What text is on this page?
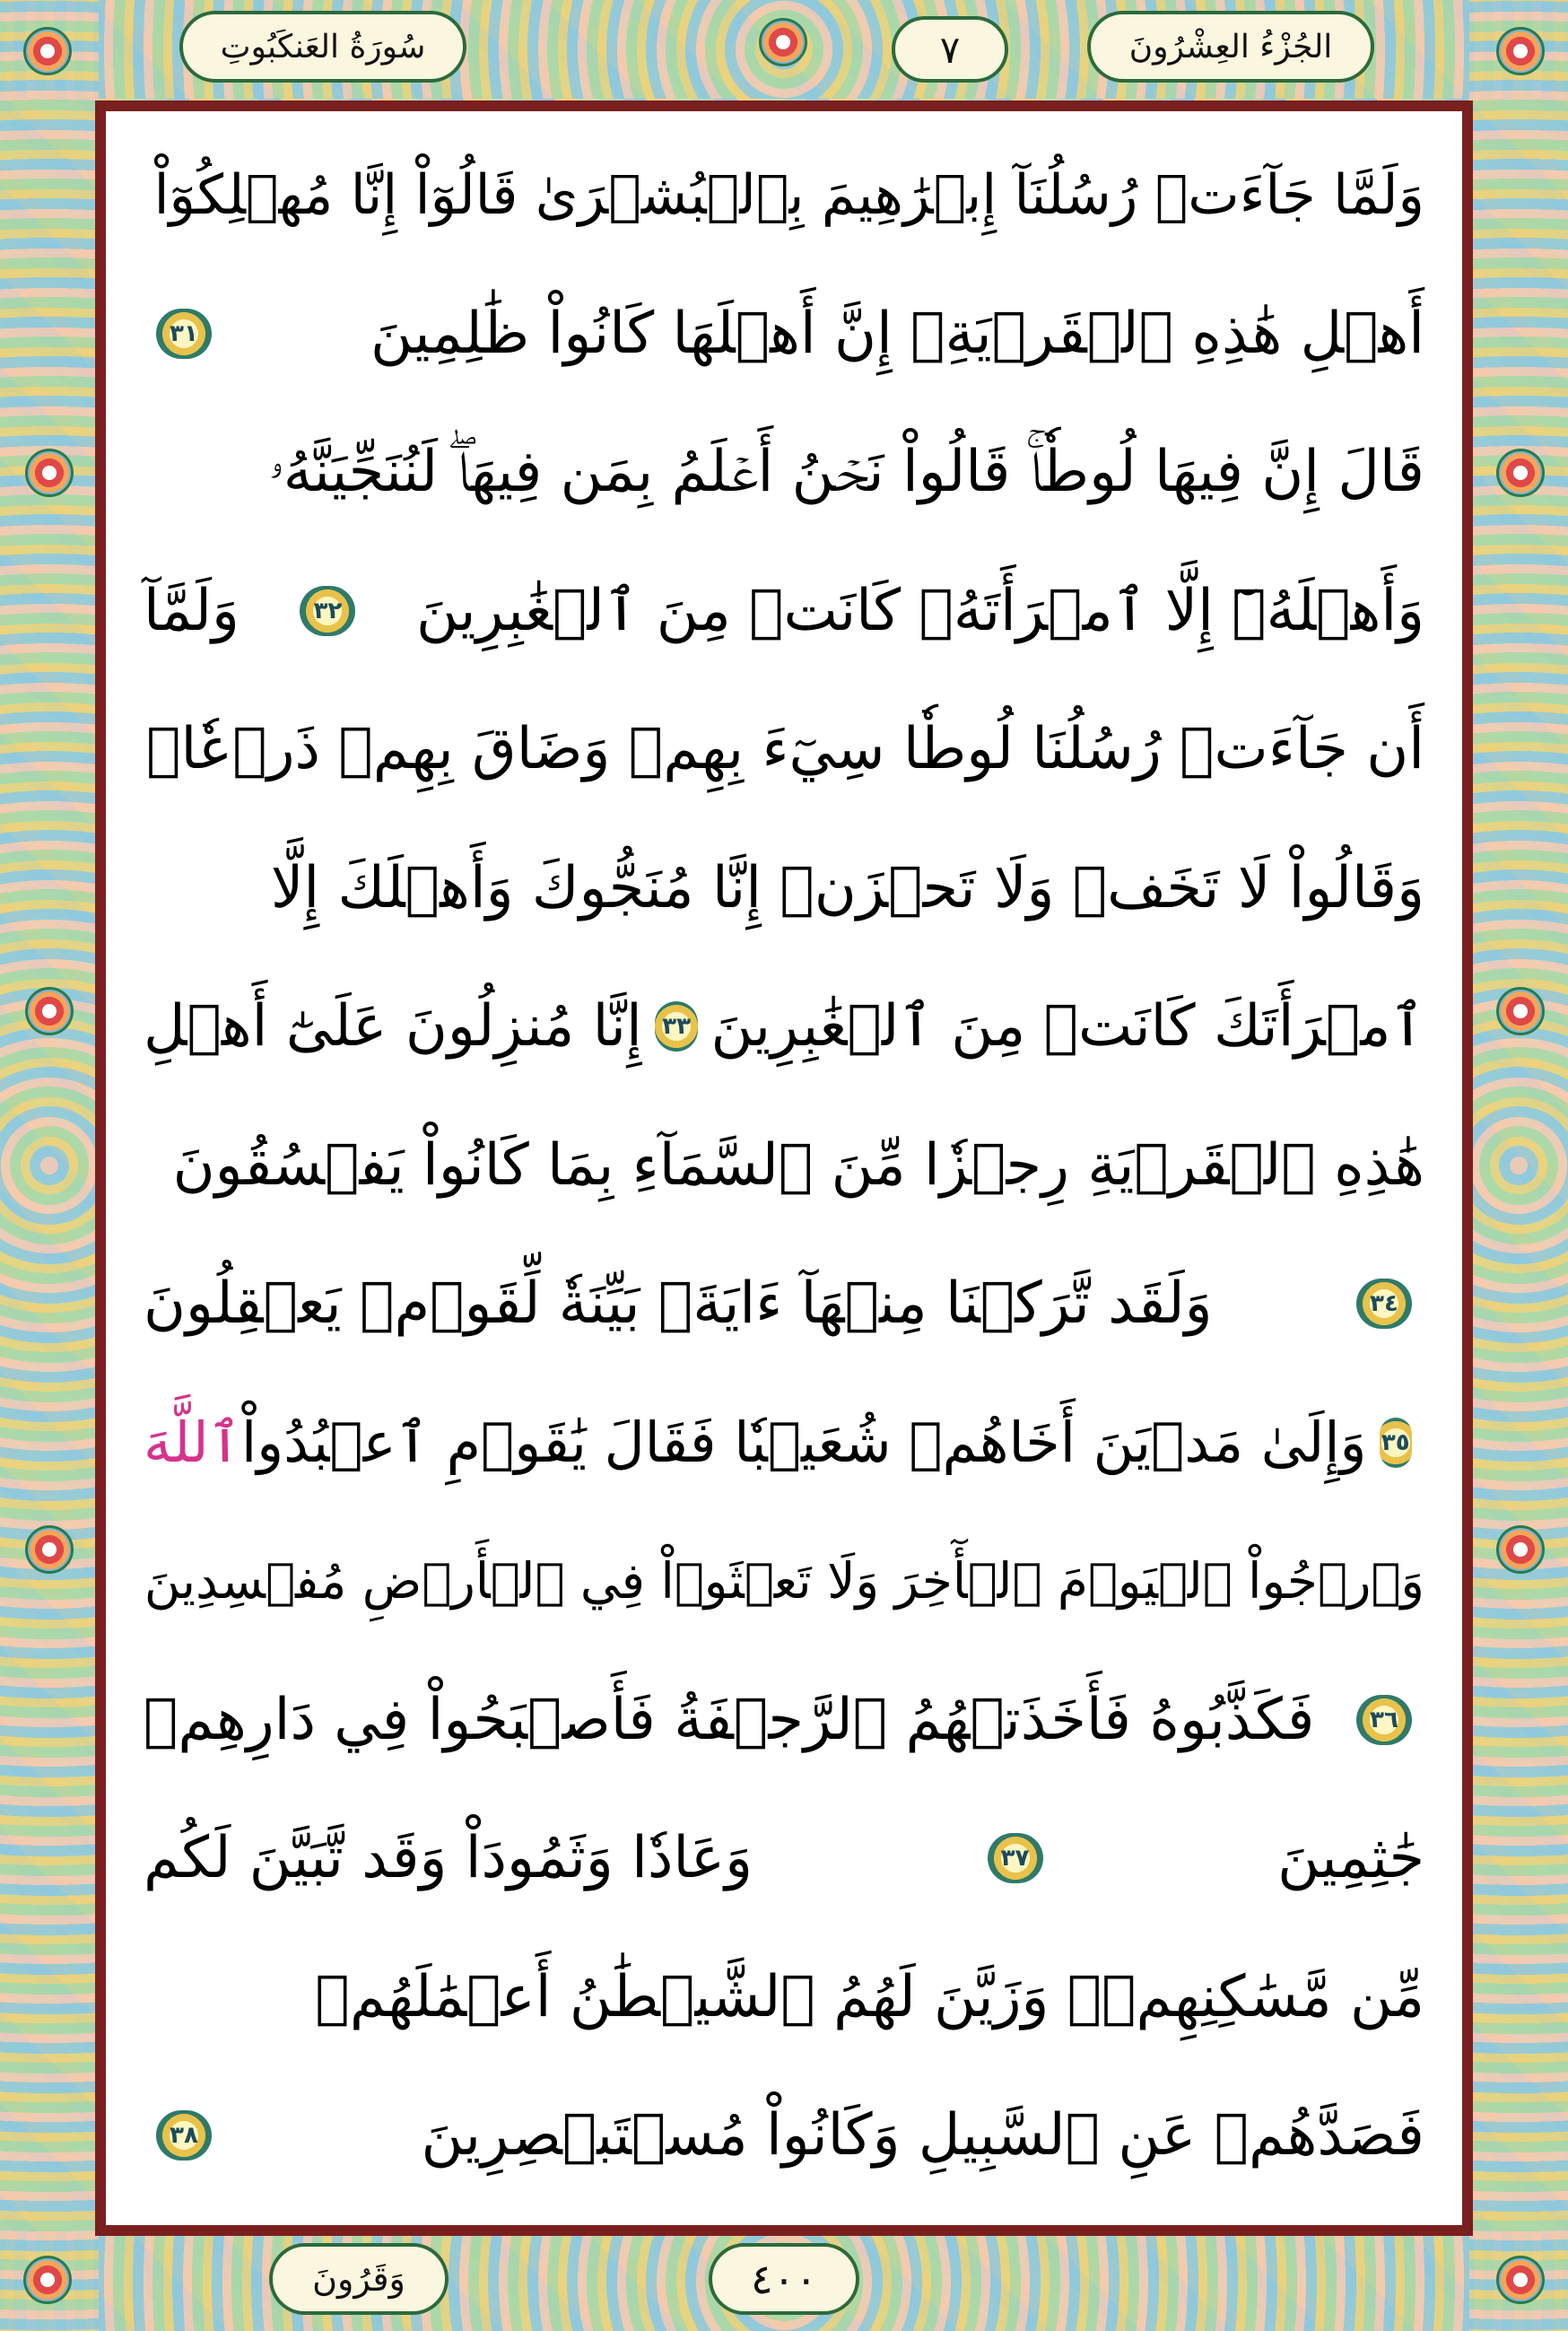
سُورَةُ العَنكَبُوتِ	٧	الجُزْءُ العِشْرُونَ
وَلَمَّا جَآءَتۡ رُسُلُنَآ إِبۡرَٰهِيمَ بِٱلۡبُشۡرَىٰ قَالُوٓاْ إِنَّا مُهۡلِكُوٓاْ
أَهۡلِ هَٰذِهِ ٱلۡقَرۡيَةِۖ إِنَّ أَهۡلَهَا كَانُواْ ظَٰلِمِينَ
٣١
قَالَ إِنَّ فِيهَا لُوطٗاۚ قَالُواْ نَحۡنُ أَعۡلَمُ بِمَن فِيهَاۖ لَنُنَجِّيَنَّهُۥ
وَأَهۡلَهُۥٓ إِلَّا ٱمۡرَأَتَهُۥ كَانَتۡ مِنَ ٱلۡغَٰبِرِينَ
٣٢
وَلَمَّآ
أَن جَآءَتۡ رُسُلُنَا لُوطٗا سِيٓءَ بِهِمۡ وَضَاقَ بِهِمۡ ذَرۡعٗاۖ
وَقَالُواْ لَا تَخَفۡ وَلَا تَحۡزَنۡ إِنَّا مُنَجُّوكَ وَأَهۡلَكَ إِلَّا
ٱمۡرَأَتَكَ كَانَتۡ مِنَ ٱلۡغَٰبِرِينَ
٣٣
إِنَّا مُنزِلُونَ عَلَىٰٓ أَهۡلِ
هَٰذِهِ ٱلۡقَرۡيَةِ رِجۡزٗا مِّنَ ٱلسَّمَآءِ بِمَا كَانُواْ يَفۡسُقُونَ
٣٤
وَلَقَد تَّرَكۡنَا مِنۡهَآ ءَايَةَۢ بَيِّنَةٗ لِّقَوۡمٖ يَعۡقِلُونَ
٣٥
وَإِلَىٰ مَدۡيَنَ أَخَاهُمۡ شُعَيۡبٗا فَقَالَ يَٰقَوۡمِ ٱعۡبُدُواْ
ٱللَّهَ
وَٱرۡجُواْ ٱلۡيَوۡمَ ٱلۡأٓخِرَ وَلَا تَعۡثَوۡاْ فِي ٱلۡأَرۡضِ مُفۡسِدِينَ
٣٦
فَكَذَّبُوهُ فَأَخَذَتۡهُمُ ٱلرَّجۡفَةُ فَأَصۡبَحُواْ فِي دَارِهِمۡ
جَٰثِمِينَ
٣٧
وَعَادٗا وَثَمُودَاْ وَقَد تَّبَيَّنَ لَكُم
مِّن مَّسَٰكِنِهِمۡۖ وَزَيَّنَ لَهُمُ ٱلشَّيۡطَٰنُ أَعۡمَٰلَهُمۡ
فَصَدَّهُمۡ عَنِ ٱلسَّبِيلِ وَكَانُواْ مُسۡتَبۡصِرِينَ
٣٨
وَقَرُونَ	٤٠٠
